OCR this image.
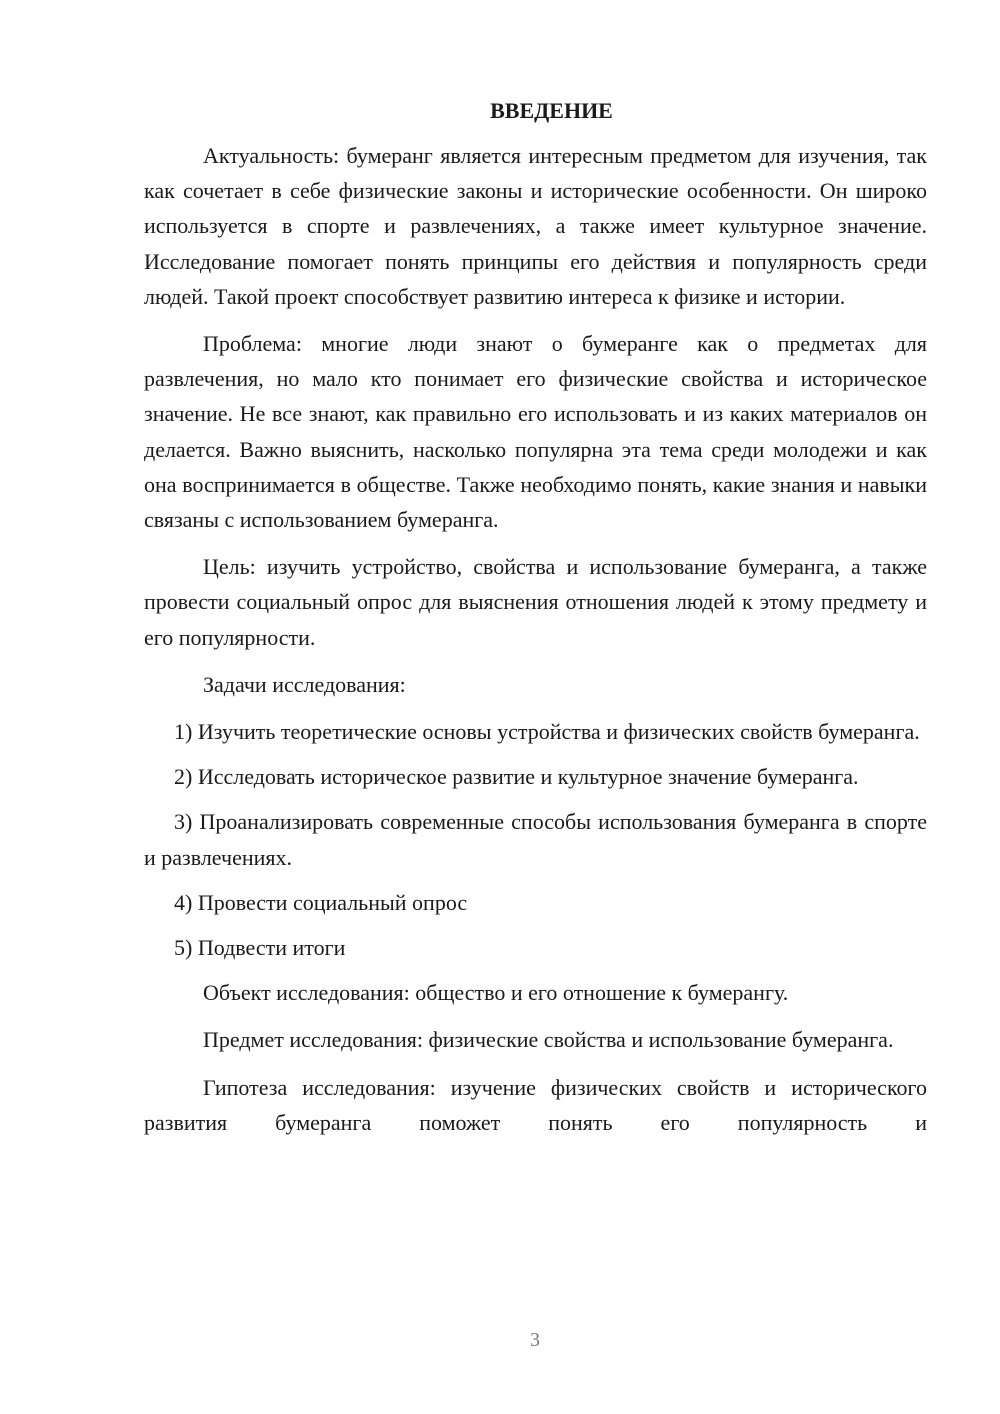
ВВЕДЕНИЕ

Актуальность: бумеранг является интересным предметом для изучения, так как сочетает в себе физические законы и исторические особенности. Он широко используется в спорте и развлечениях, а также имеет культурное значение. Исследование помогает понять принципы его действия и популярность среди людей. Такой проект способствует развитию интереса к физике и истории.

Проблема: многие люди знают о бумеранге как о предметах для развлечения, но мало кто понимает его физические свойства и историческое значение. Не все знают, как правильно его использовать и из каких материалов он делается. Важно выяснить, насколько популярна эта тема среди молодежи и как она воспринимается в обществе. Также необходимо понять, какие знания и навыки связаны с использованием бумеранга.

Цель: изучить устройство, свойства и использование бумеранга, а также провести социальный опрос для выяснения отношения людей к этому предмету и его популярности.

Задачи исследования:

1) Изучить теоретические основы устройства и физических свойств бумеранга.

2) Исследовать историческое развитие и культурное значение бумеранга.

3) Проанализировать современные способы использования бумеранга в спорте и развлечениях.

4) Провести социальный опрос

5) Подвести итоги

Объект исследования: общество и его отношение к бумерангу.

Предмет исследования: физические свойства и использование бумеранга.

Гипотеза исследования: изучение физических свойств и исторического развития бумеранга поможет понять его популярность и

3
